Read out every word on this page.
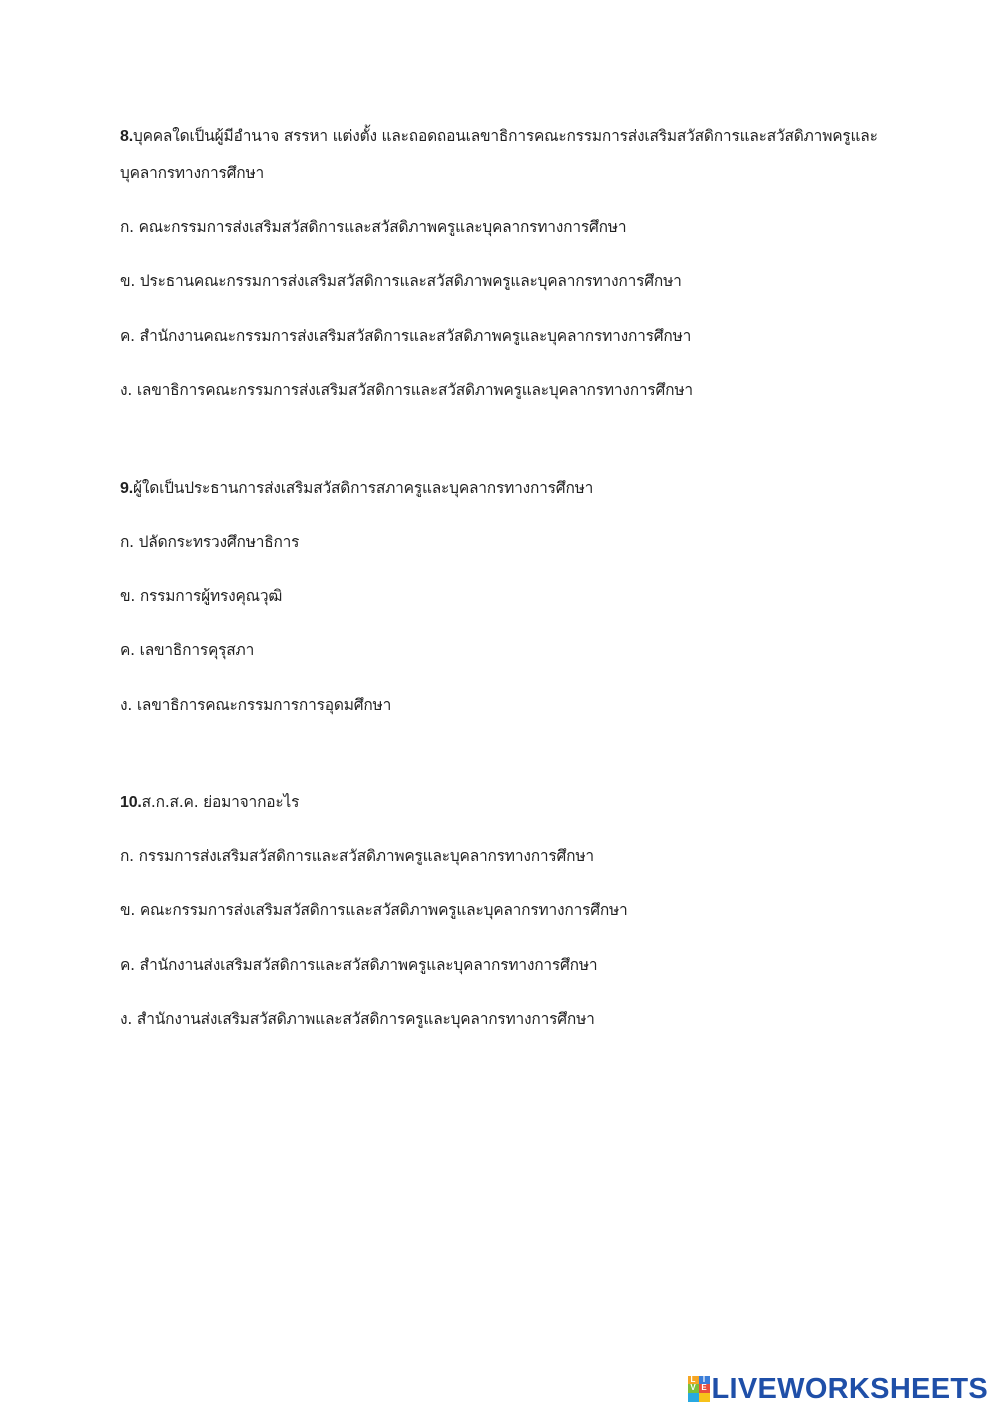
8.บุคคลใดเป็นผู้มีอำนาจ สรรหา แต่งตั้ง และถอดถอนเลขาธิการคณะกรรมการส่งเสริมสวัสดิการและสวัสดิภาพครูและ
บุคลากรทางการศึกษา
ก. คณะกรรมการส่งเสริมสวัสดิการและสวัสดิภาพครูและบุคลากรทางการศึกษา
ข. ประธานคณะกรรมการส่งเสริมสวัสดิการและสวัสดิภาพครูและบุคลากรทางการศึกษา
ค. สำนักงานคณะกรรมการส่งเสริมสวัสดิการและสวัสดิภาพครูและบุคลากรทางการศึกษา
ง. เลขาธิการคณะกรรมการส่งเสริมสวัสดิการและสวัสดิภาพครูและบุคลากรทางการศึกษา
9.ผู้ใดเป็นประธานการส่งเสริมสวัสดิการสภาครูและบุคลากรทางการศึกษา
ก. ปลัดกระทรวงศึกษาธิการ
ข. กรรมการผู้ทรงคุณวุฒิ
ค. เลขาธิการคุรุสภา
ง. เลขาธิการคณะกรรมการการอุดมศึกษา
10.ส.ก.ส.ค. ย่อมาจากอะไร
ก. กรรมการส่งเสริมสวัสดิการและสวัสดิภาพครูและบุคลากรทางการศึกษา
ข. คณะกรรมการส่งเสริมสวัสดิการและสวัสดิภาพครูและบุคลากรทางการศึกษา
ค. สำนักงานส่งเสริมสวัสดิการและสวัสดิภาพครูและบุคลากรทางการศึกษา
ง. สำนักงานส่งเสริมสวัสดิภาพและสวัสดิการครูและบุคลากรทางการศึกษา
L I
V E LIVEWORKSHEETS
